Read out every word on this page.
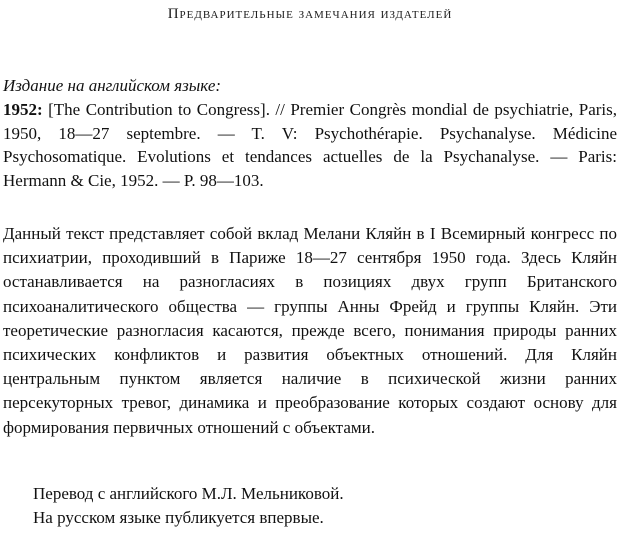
Предварительные замечания издателей
Издание на английском языке:
1952: [The Contribution to Congress]. // Premier Congrès mondial de psychiatrie, Paris, 1950, 18—27 septembre. — T. V: Psychothérapie. Psychanalyse. Médicine Psychosomatique. Evolutions et tendances actuelles de la Psychanalyse. — Paris: Hermann & Cie, 1952. — P. 98—103.
Данный текст представляет собой вклад Мелани Кляйн в I Всемирный конгресс по психиатрии, проходивший в Париже 18—27 сентября 1950 года. Здесь Кляйн останавливается на разногласиях в позициях двух групп Британского психоаналитического общества — группы Анны Фрейд и группы Кляйн. Эти теоретические разногласия касаются, прежде всего, понимания природы ранних психических конфликтов и развития объектных отношений. Для Кляйн центральным пунктом является наличие в психической жизни ранних персекуторных тревог, динамика и преобразование которых создают основу для формирования первичных отношений с объектами.
Перевод с английского М.Л. Мельниковой.
На русском языке публикуется впервые.
